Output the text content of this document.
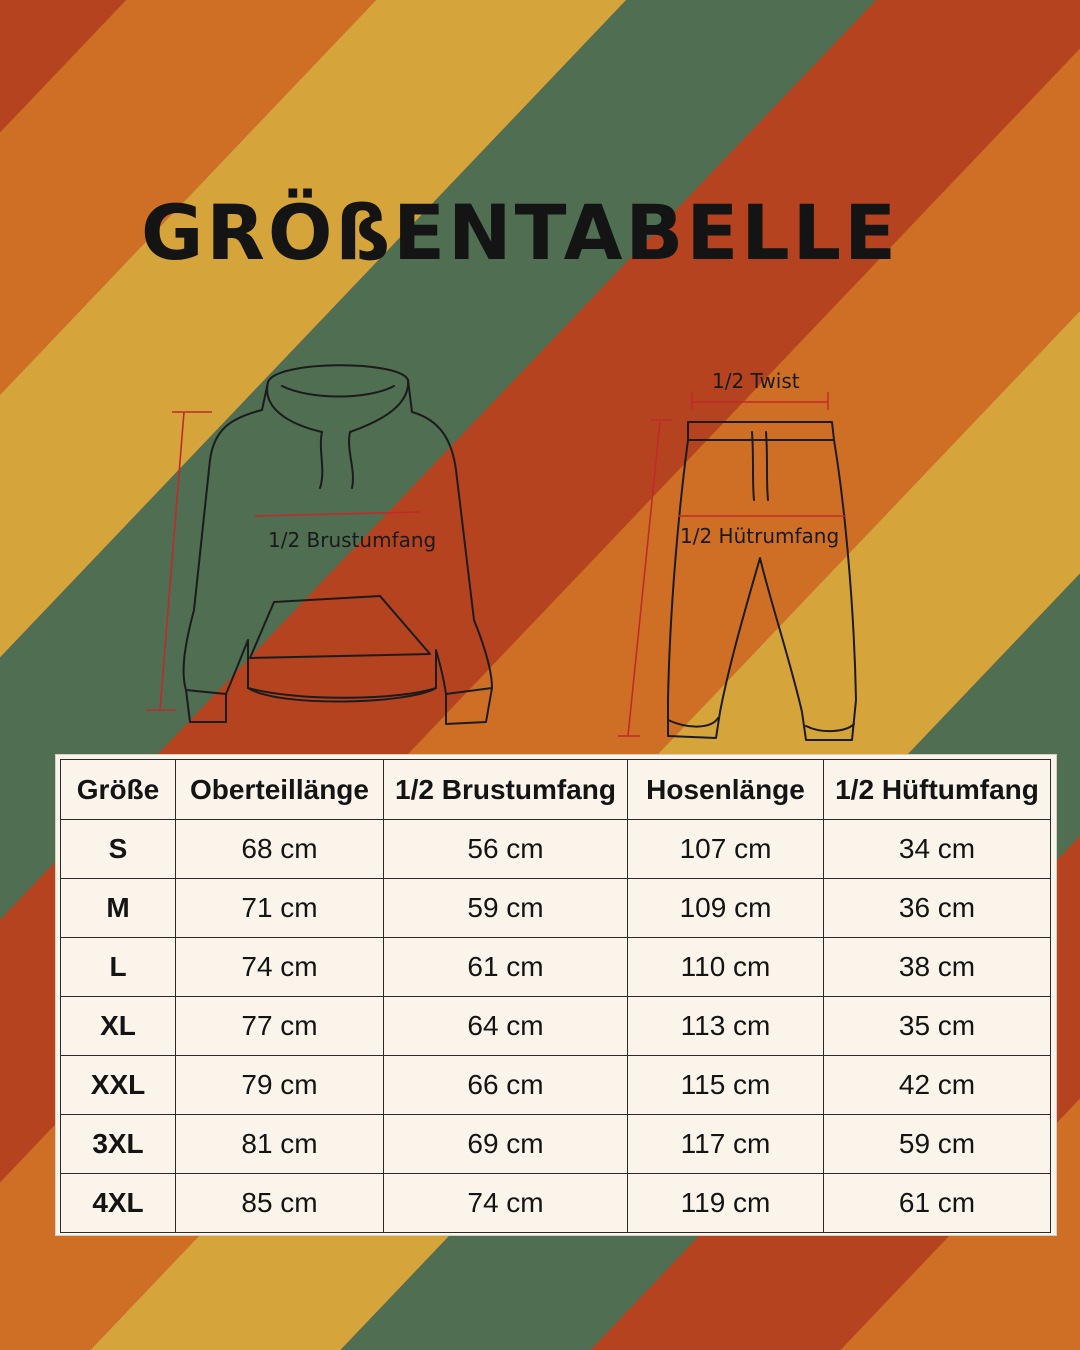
GRÖßENTABELLE
1/2 Brustumfang
1/2 Twist
1/2 Hütrumfang
Größe	Oberteillänge	1/2 Brustumfang	Hosenlänge	1/2 Hüftumfang
S	68 cm	56 cm	107 cm	34 cm
M	71 cm	59 cm	109 cm	36 cm
L	74 cm	61 cm	110 cm	38 cm
XL	77 cm	64 cm	113 cm	35 cm
XXL	79 cm	66 cm	115 cm	42 cm
3XL	81 cm	69 cm	117 cm	59 cm
4XL	85 cm	74 cm	119 cm	61 cm
